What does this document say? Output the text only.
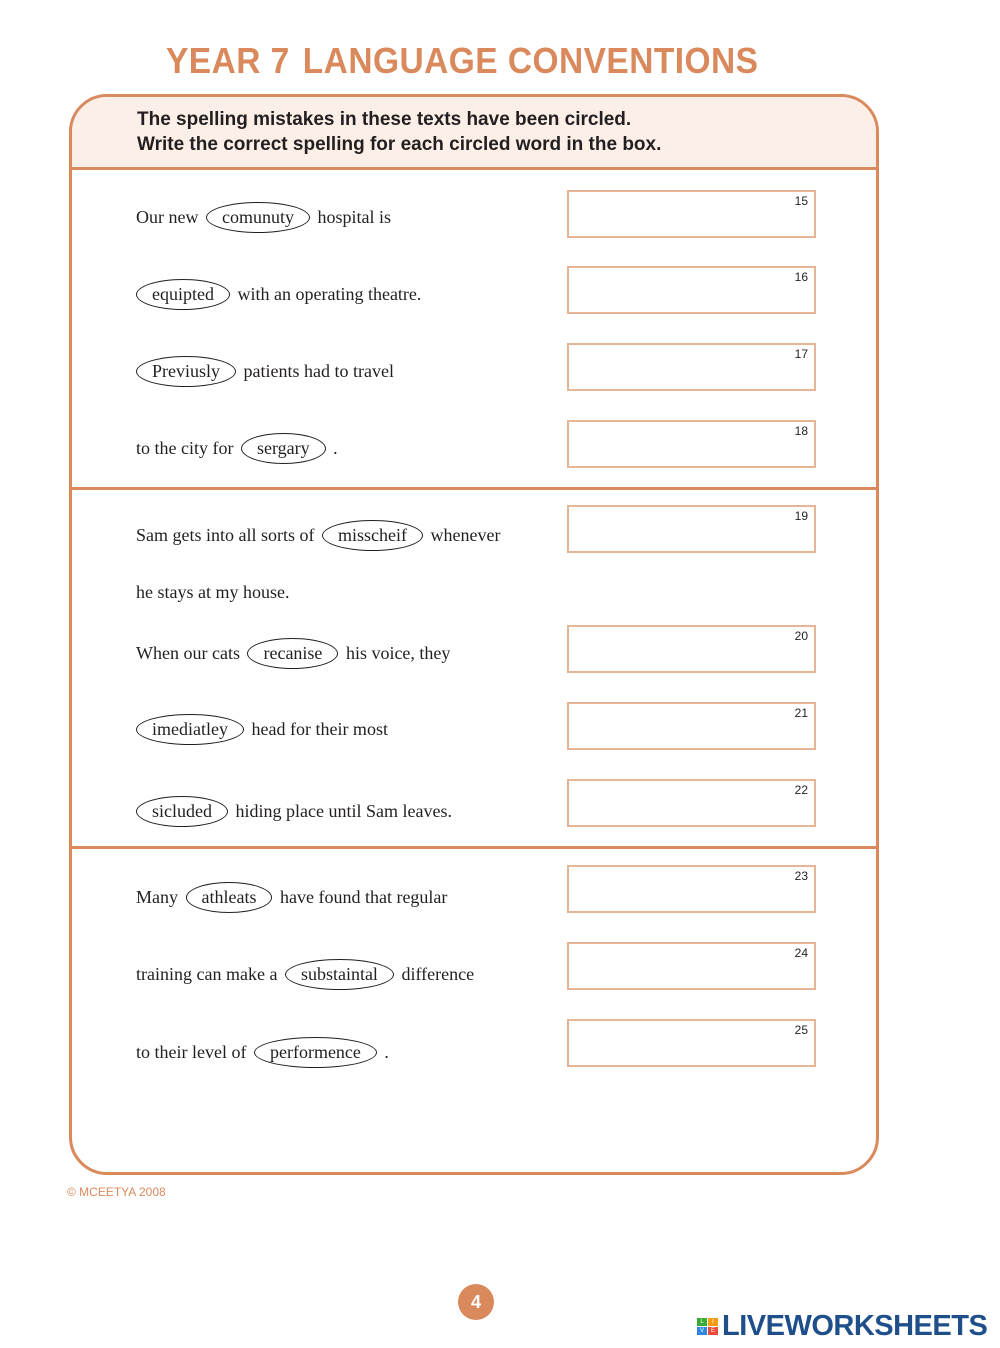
YEAR 7 LANGUAGE CONVENTIONS
The spelling mistakes in these texts have been circled.
Write the correct spelling for each circled word in the box.
Our new comunuty hospital is
equipted with an operating theatre.
Previusly patients had to travel
to the city for sergary .
Sam gets into all sorts of misscheif whenever
he stays at my house.
When our cats recanise his voice, they
imediatley head for their most
sicluded hiding place until Sam leaves.
Many athleats have found that regular
training can make a substaintal difference
to their level of performence .
15
16
17
18
19
20
21
22
23
24
25
© MCEETYA 2008
4
L	I
V	E LIVEWORKSHEETS
